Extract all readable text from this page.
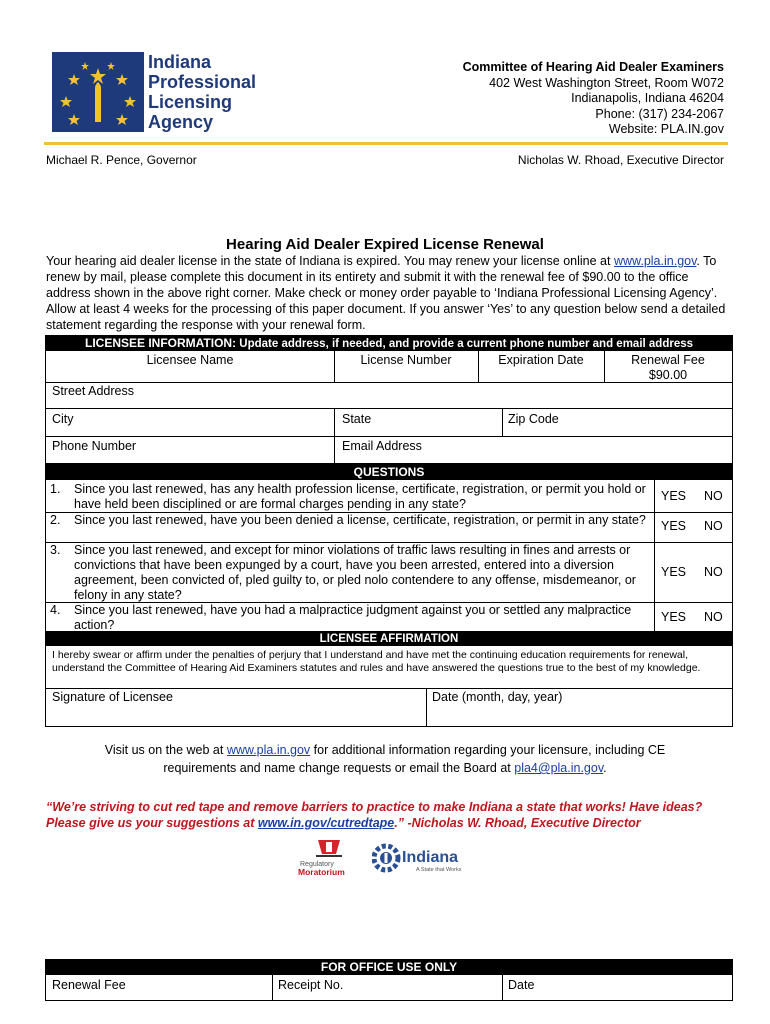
Indiana
Professional
Licensing
Agency
Committee of Hearing Aid Dealer Examiners
402 West Washington Street, Room W072
Indianapolis, Indiana 46204
Phone: (317) 234-2067
Website: PLA.IN.gov
Michael R. Pence, Governor	Nicholas W. Rhoad, Executive Director
Hearing Aid Dealer Expired License Renewal
Your hearing aid dealer license in the state of Indiana is expired. You may renew your license online at www.pla.in.gov. To renew by mail, please complete this document in its entirety and submit it with the renewal fee of $90.00 to the office address shown in the above right corner. Make check or money order payable to ‘Indiana Professional Licensing Agency’. Allow at least 4 weeks for the processing of this paper document. If you answer ‘Yes’ to any question below send a detailed statement regarding the response with your renewal form.
LICENSEE INFORMATION: Update address, if needed, and provide a current phone number and email address
Licensee Name	License Number	Expiration Date	Renewal Fee
$90.00
Street Address
City	State	Zip Code
Phone Number	Email Address
QUESTIONS
1. Since you last renewed, has any health profession license, certificate, registration, or permit you hold or have held been disciplined or are formal charges pending in any state?
YES NO
2. Since you last renewed, have you been denied a license, certificate, registration, or permit in any state?	YES NO
3. Since you last renewed, and except for minor violations of traffic laws resulting in fines and arrests or convictions that have been expunged by a court, have you been arrested, entered into a diversion agreement, been convicted of, pled guilty to, or pled nolo contendere to any offense, misdemeanor, or felony in any state?
YES NO
4. Since you last renewed, have you had a malpractice judgment against you or settled any malpractice action?
YES NO
LICENSEE AFFIRMATION
I hereby swear or affirm under the penalties of perjury that I understand and have met the continuing education requirements for renewal, understand the Committee of Hearing Aid Examiners statutes and rules and have answered the questions true to the best of my knowledge.
Signature of Licensee	Date (month, day, year)
Visit us on the web at www.pla.in.gov for additional information regarding your licensure, including CE
requirements and name change requests or email the Board at pla4@pla.in.gov.
“We’re striving to cut red tape and remove barriers to practice to make Indiana a state that works! Have ideas? Please give us your suggestions at www.in.gov/cutredtape.” -Nicholas W. Rhoad, Executive Director
Regulatory
Moratorium
Indiana
A State that Works
FOR OFFICE USE ONLY
Renewal Fee	Receipt No.	Date
